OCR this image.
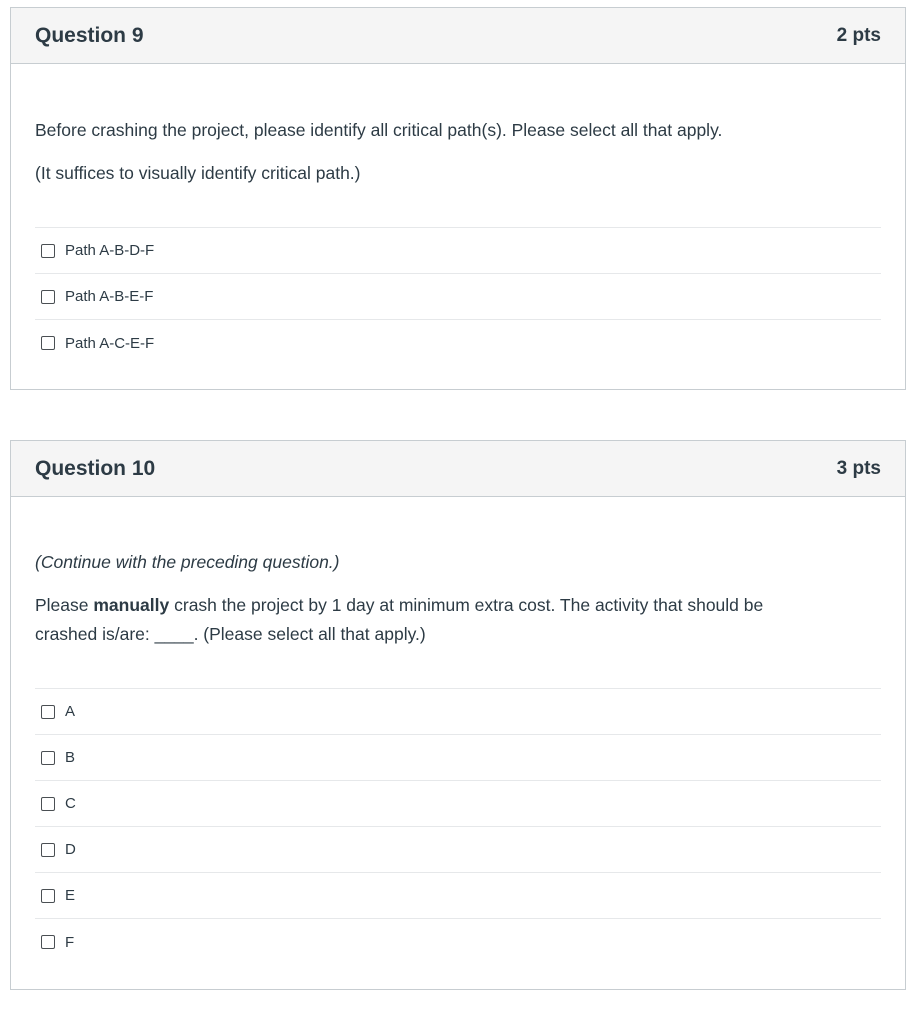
Question 9	2 pts

Before crashing the project, please identify all critical path(s). Please select all that apply.

(It suffices to visually identify critical path.)

Path A-B-D-F
Path A-B-E-F
Path A-C-E-F
Question 10	3 pts

(Continue with the preceding question.)

Please manually crash the project by 1 day at minimum extra cost. The activity that should be
crashed is/are: ____. (Please select all that apply.)

A
B
C
D
E
F
